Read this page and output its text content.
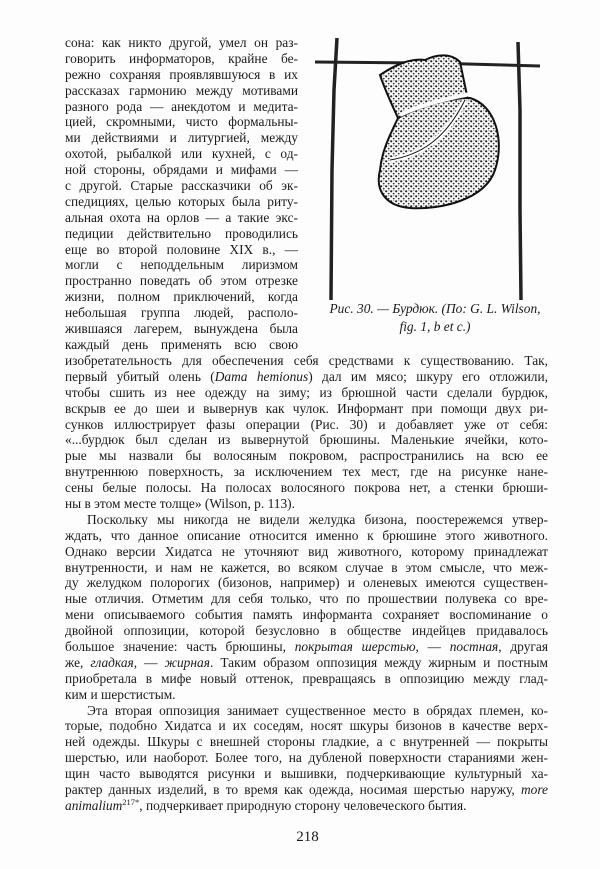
сона: как никто другой, умел он раз-
говорить информаторов, крайне бе-
режно сохраняя проявлявшуюся в их
рассказах гармонию между мотивами
разного рода — анекдотом и медита-
цией, скромными, чисто формальны-
ми действиями и литургией, между
охотой, рыбалкой или кухней, с од-
ной стороны, обрядами и мифами —
с другой. Старые рассказчики об эк-
спедициях, целью которых была риту-
альная охота на орлов — а такие экс-
педиции действительно проводились
еще во второй половине XIX в., —
могли с неподдельным лиризмом
пространно поведать об этом отрезке
жизни, полном приключений, когда
небольшая группа людей, располо-
жившаяся лагерем, вынуждена была
каждый день применять всю свою
изобретательность для обеспечения себя средствами к существованию. Так,
первый убитый олень (Dama hemionus) дал им мясо; шкуру его отложили,
чтобы сшить из нее одежду на зиму; из брюшной части сделали бурдюк,
вскрыв ее до шеи и вывернув как чулок. Информант при помощи двух ри-
сунков иллюстрирует фазы операции (Рис. 30) и добавляет уже от себя:
«...бурдюк был сделан из вывернутой брюшины. Маленькие ячейки, кото-
рые мы назвали бы волосяным покровом, распространились на всю ее
внутреннюю поверхность, за исключением тех мест, где на рисунке нане-
сены белые полосы. На полосах волосяного покрова нет, а стенки брюши-
ны в этом месте толще» (Wilson, p. 113).
Поскольку мы никогда не видели желудка бизона, поостережемся утвер-
ждать, что данное описание относится именно к брюшине этого животного.
Однако версии Хидатса не уточняют вид животного, которому принадлежат
внутренности, и нам не кажется, во всяком случае в этом смысле, что меж-
ду желудком полорогих (бизонов, например) и оленевых имеются существен-
ные отличия. Отметим для себя только, что по прошествии полувека со вре-
мени описываемого события память информанта сохраняет воспоминание о
двойной оппозиции, которой безусловно в обществе индейцев придавалось
большое значение: часть брюшины, покрытая шерстью, — постная, другая
же, гладкая, — жирная. Таким образом оппозиция между жирным и постным
приобретала в мифе новый оттенок, превращаясь в оппозицию между глад-
ким и шерстистым.
Эта вторая оппозиция занимает существенное место в обрядах племен, ко-
торые, подобно Хидатса и их соседям, носят шкуры бизонов в качестве верх-
ней одежды. Шкуры с внешней стороны гладкие, а с внутренней — покрыты
шерстью, или наоборот. Более того, на дубленой поверхности стараниями жен-
щин часто выводятся рисунки и вышивки, подчеркивающие культурный ха-
рактер данных изделий, в то время как одежда, носимая шерстью наружу, more
animalium$^{217*}$, подчеркивает природную сторону человеческого бытия.
Рис. 30. — Бурдюк. (По: G. L. Wilson,
fig. 1, b et c.)
218
